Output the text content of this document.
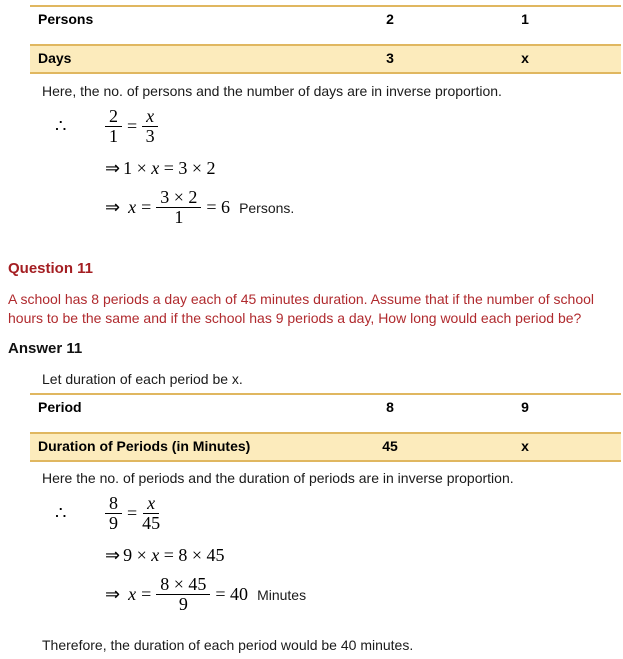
Persons	2	1
Days	3	x

Here, the no. of persons and the number of days are in inverse proportion.

∴ $\frac{2}{1} = \frac{x}{3}$
⇒ 1 × x = 3 × 2
⇒ $x = \frac{3 \times 2}{1} = 6$ Persons.
Question 11

A school has 8 periods a day each of 45 minutes duration. Assume that if the number of school hours to be the same and if the school has 9 periods a day, How long would each period be?

Answer 11

Let duration of each period be x.

Period	8	9
Duration of Periods (in Minutes)	45	x

Here the no. of periods and the duration of periods are in inverse proportion.

∴ $\frac{8}{9} = \frac{x}{45}$
⇒ 9 × x = 8 × 45
⇒ $x = \frac{8 \times 45}{9} = 40$ Minutes

Therefore, the duration of each period would be 40 minutes.
